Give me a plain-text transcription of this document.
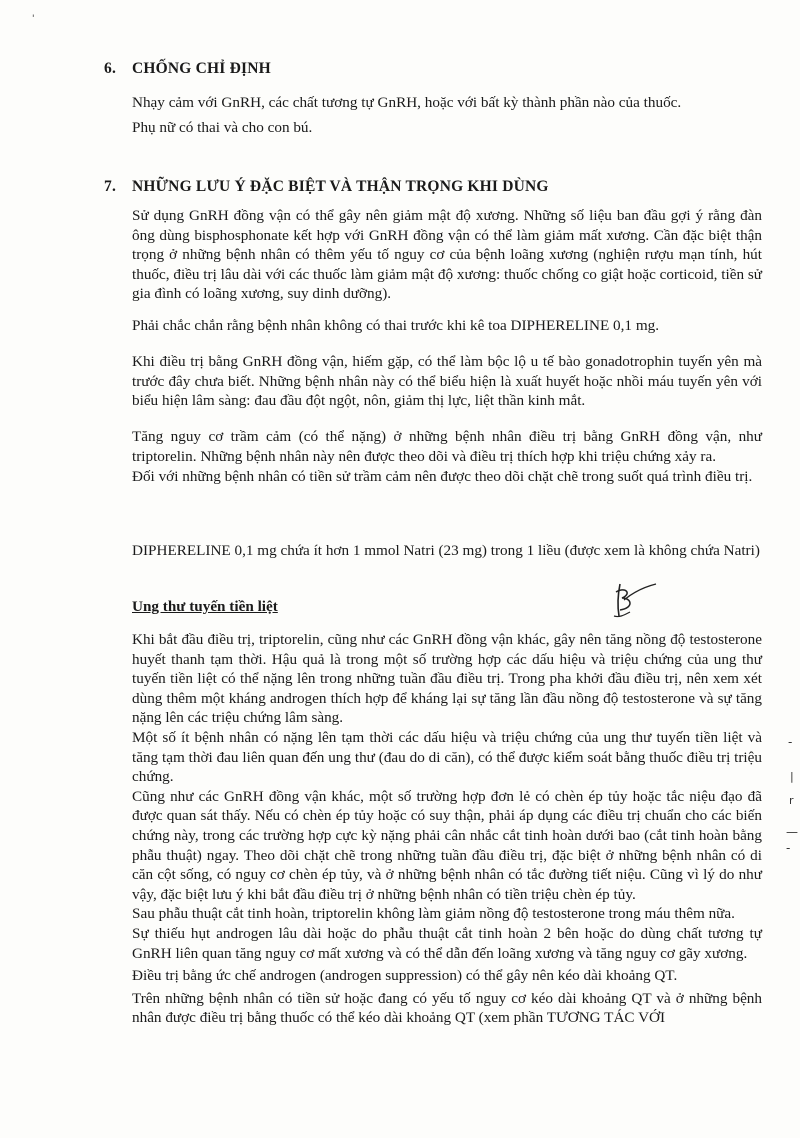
'
-
|
r
—
-
6. CHỐNG CHỈ ĐỊNH

Nhạy cảm với GnRH, các chất tương tự GnRH, hoặc với bất kỳ thành phần nào của thuốc.

Phụ nữ có thai và cho con bú.

7. NHỮNG LƯU Ý ĐẶC BIỆT VÀ THẬN TRỌNG KHI DÙNG

Sử dụng GnRH đồng vận có thể gây nên giảm mật độ xương. Những số liệu ban đầu gợi ý rằng đàn ông dùng bisphosphonate kết hợp với GnRH đồng vận có thể làm giảm mất xương. Cần đặc biệt thận trọng ở những bệnh nhân có thêm yếu tố nguy cơ của bệnh loãng xương (nghiện rượu mạn tính, hút thuốc, điều trị lâu dài với các thuốc làm giảm mật độ xương: thuốc chống co giật hoặc corticoid, tiền sử gia đình có loãng xương, suy dinh dưỡng).

Phải chắc chắn rằng bệnh nhân không có thai trước khi kê toa DIPHERELINE 0,1 mg.

Khi điều trị bằng GnRH đồng vận, hiếm gặp, có thể làm bộc lộ u tế bào gonadotrophin tuyến yên mà trước đây chưa biết. Những bệnh nhân này có thể biểu hiện là xuất huyết hoặc nhồi máu tuyến yên với biểu hiện lâm sàng: đau đầu đột ngột, nôn, giảm thị lực, liệt thần kinh mắt.

Tăng nguy cơ trầm cảm (có thể nặng) ở những bệnh nhân điều trị bằng GnRH đồng vận, như triptorelin. Những bệnh nhân này nên được theo dõi và điều trị thích hợp khi triệu chứng xảy ra.

Đối với những bệnh nhân có tiền sử trầm cảm nên được theo dõi chặt chẽ trong suốt quá trình điều trị.

DIPHERELINE 0,1 mg chứa ít hơn 1 mmol Natri (23 mg) trong 1 liều (được xem là không chứa Natri)

Ung thư tuyến tiền liệt

Khi bắt đầu điều trị, triptorelin, cũng như các GnRH đồng vận khác, gây nên tăng nồng độ testosterone huyết thanh tạm thời. Hậu quả là trong một số trường hợp các dấu hiệu và triệu chứng của ung thư tuyến tiền liệt có thể nặng lên trong những tuần đầu điều trị. Trong pha khởi đầu điều trị, nên xem xét dùng thêm một kháng androgen thích hợp để kháng lại sự tăng lần đầu nồng độ testosterone và sự tăng nặng lên các triệu chứng lâm sàng.

Một số ít bệnh nhân có nặng lên tạm thời các dấu hiệu và triệu chứng của ung thư tuyến tiền liệt và tăng tạm thời đau liên quan đến ung thư (đau do di căn), có thể được kiểm soát bằng thuốc điều trị triệu chứng.

Cũng như các GnRH đồng vận khác, một số trường hợp đơn lẻ có chèn ép tủy hoặc tắc niệu đạo đã được quan sát thấy. Nếu có chèn ép tủy hoặc có suy thận, phải áp dụng các điều trị chuẩn cho các biến chứng này, trong các trường hợp cực kỳ nặng phải cân nhắc cắt tinh hoàn dưới bao (cắt tinh hoàn bằng phẫu thuật) ngay. Theo dõi chặt chẽ trong những tuần đầu điều trị, đặc biệt ở những bệnh nhân có di căn cột sống, có nguy cơ chèn ép tủy, và ở những bệnh nhân có tắc đường tiết niệu. Cũng vì lý do như vậy, đặc biệt lưu ý khi bắt đầu điều trị ở những bệnh nhân có tiền triệu chèn ép tủy.

Sau phẫu thuật cắt tinh hoàn, triptorelin không làm giảm nồng độ testosterone trong máu thêm nữa.

Sự thiếu hụt androgen lâu dài hoặc do phẫu thuật cắt tinh hoàn 2 bên hoặc do dùng chất tương tự GnRH liên quan tăng nguy cơ mất xương và có thể dẫn đến loãng xương và tăng nguy cơ gãy xương.

Điều trị bằng ức chế androgen (androgen suppression) có thể gây nên kéo dài khoảng QT.

Trên những bệnh nhân có tiền sử hoặc đang có yếu tố nguy cơ kéo dài khoảng QT và ở những bệnh nhân được điều trị bằng thuốc có thể kéo dài khoảng QT (xem phần TƯƠNG TÁC VỚI
